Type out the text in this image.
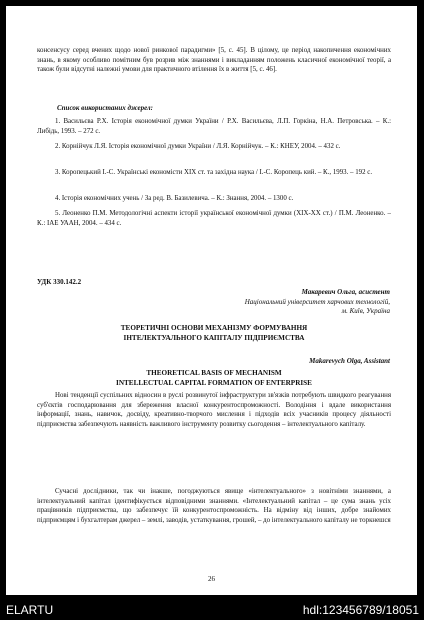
консенсусу серед вчених щодо нової ринкової парадигми» [5, с. 45]. В цілому, це період накопичення економічних знань, в якому особливо помітним був розрив між знаннями і викладанням положень класичної економічної теорії, а також були відсутні належні умови для практичного втілення їх в життя [5, с. 46].
Список використаних джерел:
1. Васильєва Р.Х. Історія економічної думки України / Р.Х. Васильєва, Л.П. Горкіна, Н.А. Петровська. – К.: Либідь, 1993. – 272 с.
2. Корнійчук Л.Я. Історія економічної думки України / Л.Я. Корнійчук. – К.: КНЕУ, 2004. – 432 с.
3. Коропецький І.-С. Українські економісти ХІХ ст. та західна наука / І.-С. Коропець кий. – К., 1993. – 192 с.
4. Історія економічних учень / За ред. В. Базилевича. – К.: Знання, 2004. – 1300 с.
5. Леоненко П.М. Методологічні аспекти історії української економічної думки (ХІХ-ХХ ст.) / П.М. Леоненко. – К.: ІАЕ УААН, 2004. – 434 с.
УДК 330.142.2
Макаревич Ольга, асистент
Національний університет харчових технологій,
м. Київ, Україна
ТЕОРЕТИЧНІ ОСНОВИ МЕХАНІЗМУ ФОРМУВАННЯ
ІНТЕЛЕКТУАЛЬНОГО КАПІТАЛУ ПІДПРИЄМСТВА
Makarevych Olga, Assistant
THEORETICAL BASIS OF MECHANISM
INTELLECTUAL CAPITAL FORMATION OF ENTERPRISE
Нові тенденції суспільних відносин в руслі розвинутої інфраструктури зв'язків потребують швидкого реагування суб'єктів господарювання для збереження власної конкурентоспроможності. Володіння і вдале використання інформації, знань, навичок, досвіду, креативно-творчого мислення і підходів всіх учасників процесу діяльності підприємства забезпечують наявність важливого інструменту розвитку сьогодення – інтелектуального капіталу.
Сучасні дослідники, так чи інакше, погоджуються явище «інтелектуального» з новітніми знаннями, а інтелектуальний капітал ідентифікується відповідними знаннями. «Інтелектуальний капітал – це сума знань усіх працівників підприємства, що забезпечує їй конкурентоспроможність. На відміну від інших, добре знайомих підприємцям і бухгалтерам джерел – землі, заводів, устаткування, грошей, – до інтелектуального капіталу не торкнешся
26
ELARTU	hdl:123456789/18051
